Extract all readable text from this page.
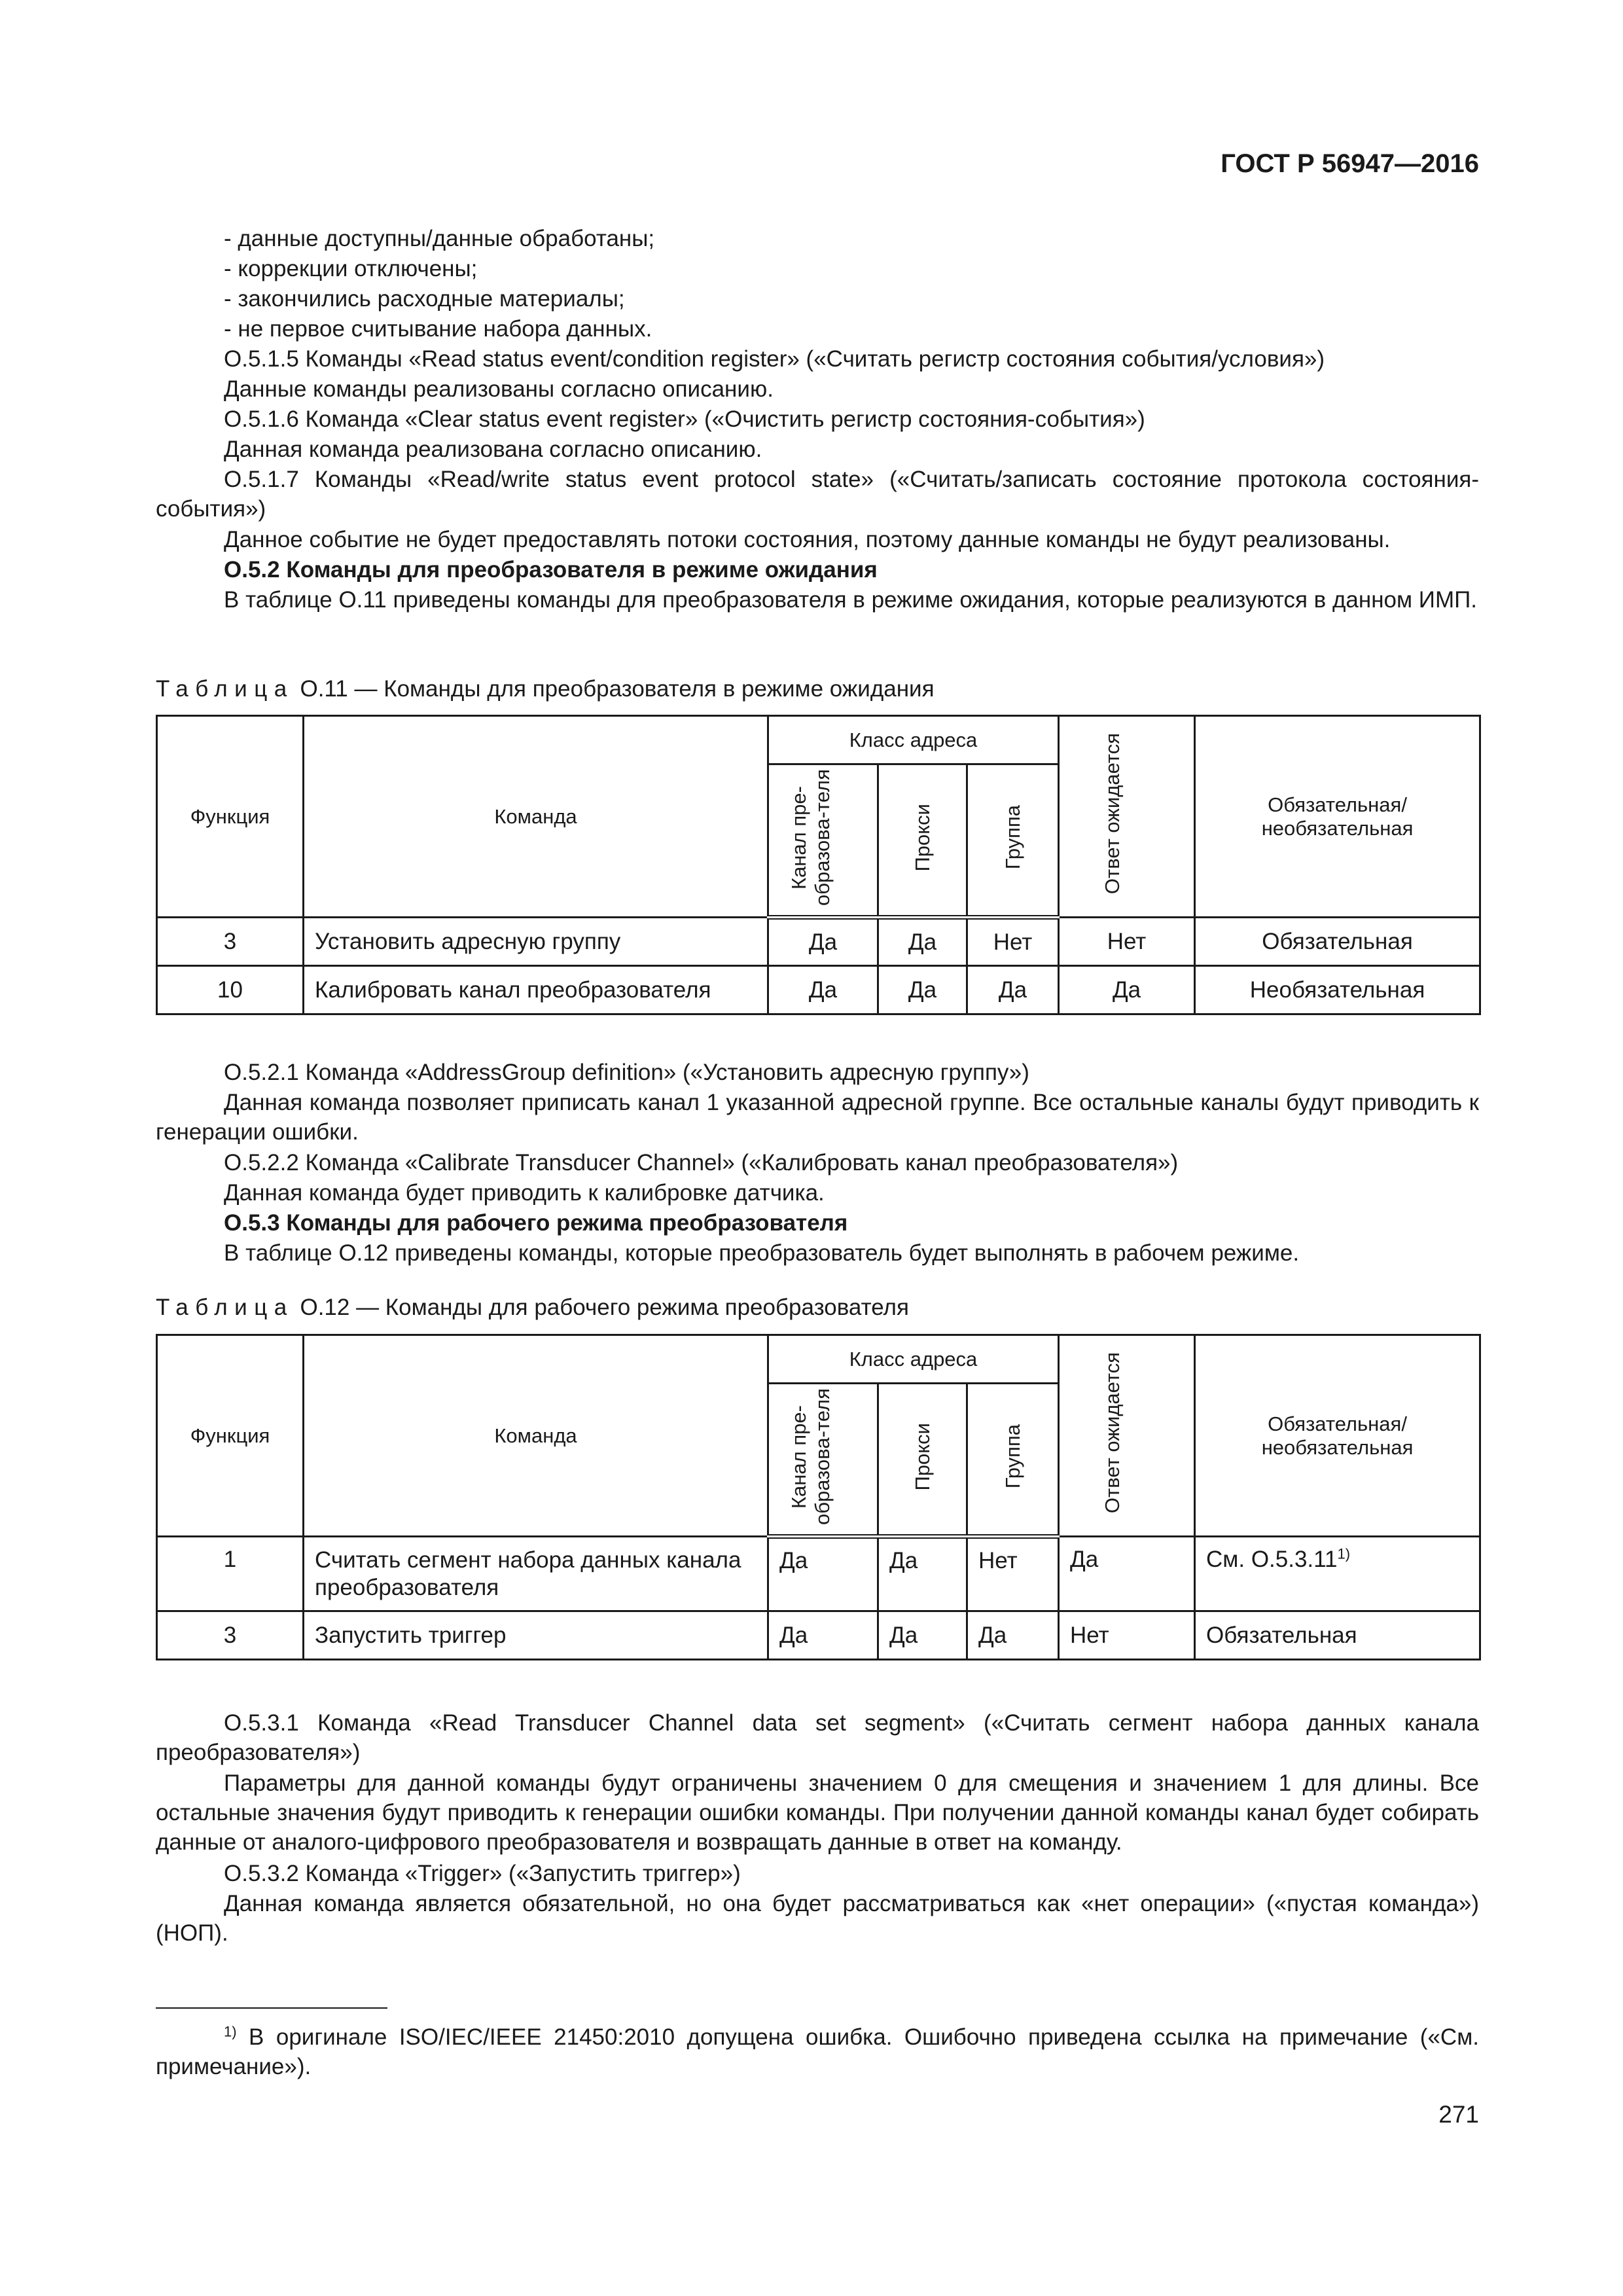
ГОСТ Р 56947—2016
- данные доступны/данные обработаны;
- коррекции отключены;
- закончились расходные материалы;
- не первое считывание набора данных.
О.5.1.5 Команды «Read status event/condition register» («Считать регистр состояния события/условия»)
Данные команды реализованы согласно описанию.
О.5.1.6 Команда «Clear status event register» («Очистить регистр состояния-события»)
Данная команда реализована согласно описанию.
О.5.1.7 Команды «Read/write status event protocol state» («Считать/записать состояние протокола состояния-события»)
Данное событие не будет предоставлять потоки состояния, поэтому данные команды не будут реализованы.
О.5.2 Команды для преобразователя в режиме ожидания
В таблице О.11 приведены команды для преобразователя в режиме ожидания, которые реализуются в данном ИМП.
Таблица О.11 — Команды для преобразователя в режиме ожидания
Функция	Команда	Класс адреса			Ответ ожидается	Обязательная/ необязательная
		Канал пре-образова-теля	Прокси	Группа		
3	Установить адресную группу	Да	Да	Нет	Нет	Обязательная
10	Калибровать канал преобразователя	Да	Да	Да	Да	Необязательная
О.5.2.1 Команда «AddressGroup definition» («Установить адресную группу»)
Данная команда позволяет приписать канал 1 указанной адресной группе. Все остальные каналы будут приводить к генерации ошибки.
О.5.2.2 Команда «Calibrate Transducer Channel» («Калибровать канал преобразователя»)
Данная команда будет приводить к калибровке датчика.
О.5.3 Команды для рабочего режима преобразователя
В таблице О.12 приведены команды, которые преобразователь будет выполнять в рабочем режиме.
Таблица О.12 — Команды для рабочего режима преобразователя
Функция	Команда	Класс адреса			Ответ ожидается	Обязательная/ необязательная
		Канал пре-образова-теля	Прокси	Группа		
1	Считать сегмент набора данных канала преобразователя	Да	Да	Нет	Да	См. О.5.3.11$^{1)}$
3	Запустить триггер	Да	Да	Да	Нет	Обязательная
О.5.3.1 Команда «Read Transducer Channel data set segment» («Считать сегмент набора данных канала преобразователя»)
Параметры для данной команды будут ограничены значением 0 для смещения и значением 1 для длины. Все остальные значения будут приводить к генерации ошибки команды. При получении данной команды канал будет собирать данные от аналого-цифрового преобразователя и возвращать данные в ответ на команду.
О.5.3.2 Команда «Trigger» («Запустить триггер»)
Данная команда является обязательной, но она будет рассматриваться как «нет операции» («пустая команда») (НОП).
$^{1)}$ В оригинале ISO/IEC/IEEE 21450:2010 допущена ошибка. Ошибочно приведена ссылка на примечание («См. примечание»).
271
